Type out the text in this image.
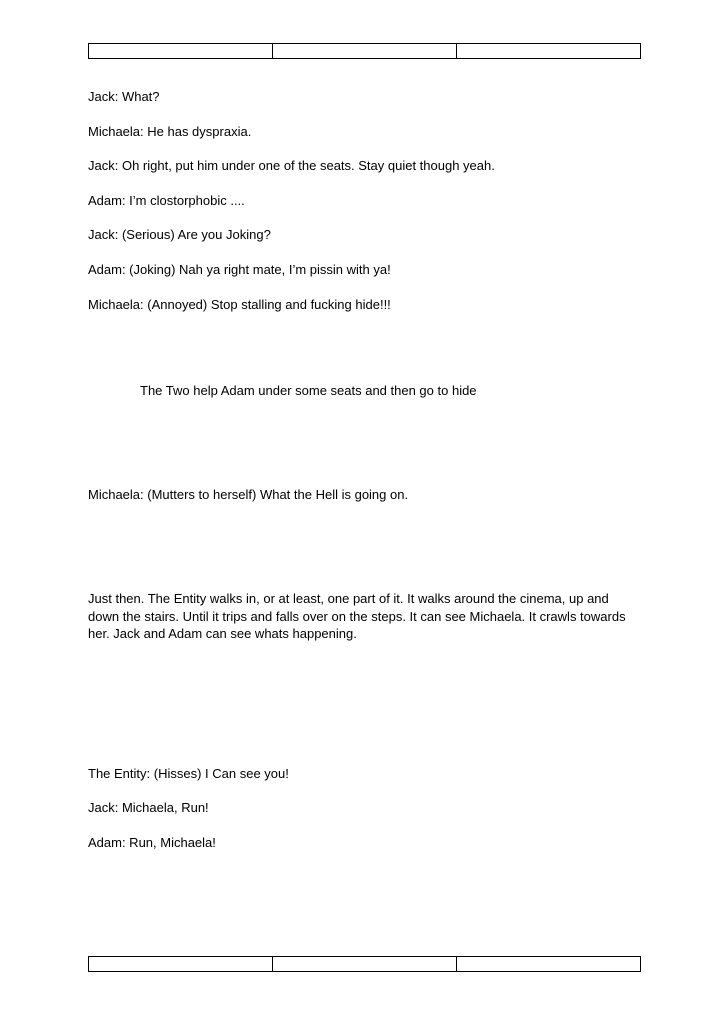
Jack: What?

Michaela: He has dyspraxia.

Jack: Oh right, put him under one of the seats. Stay quiet though yeah.

Adam: I’m clostorphobic ....

Jack: (Serious) Are you Joking?

Adam: (Joking) Nah ya right mate, I’m pissin with ya!

Michaela: (Annoyed) Stop stalling and fucking hide!!!

The Two help Adam under some seats and then go to hide

Michaela: (Mutters to herself) What the Hell is going on.

Just then. The Entity walks in, or at least, one part of it. It walks around the cinema, up and down the stairs. Until it trips and falls over on the steps. It can see Michaela. It crawls towards her. Jack and Adam can see whats happening.

The Entity: (Hisses) I Can see you!

Jack: Michaela, Run!

Adam: Run, Michaela!
